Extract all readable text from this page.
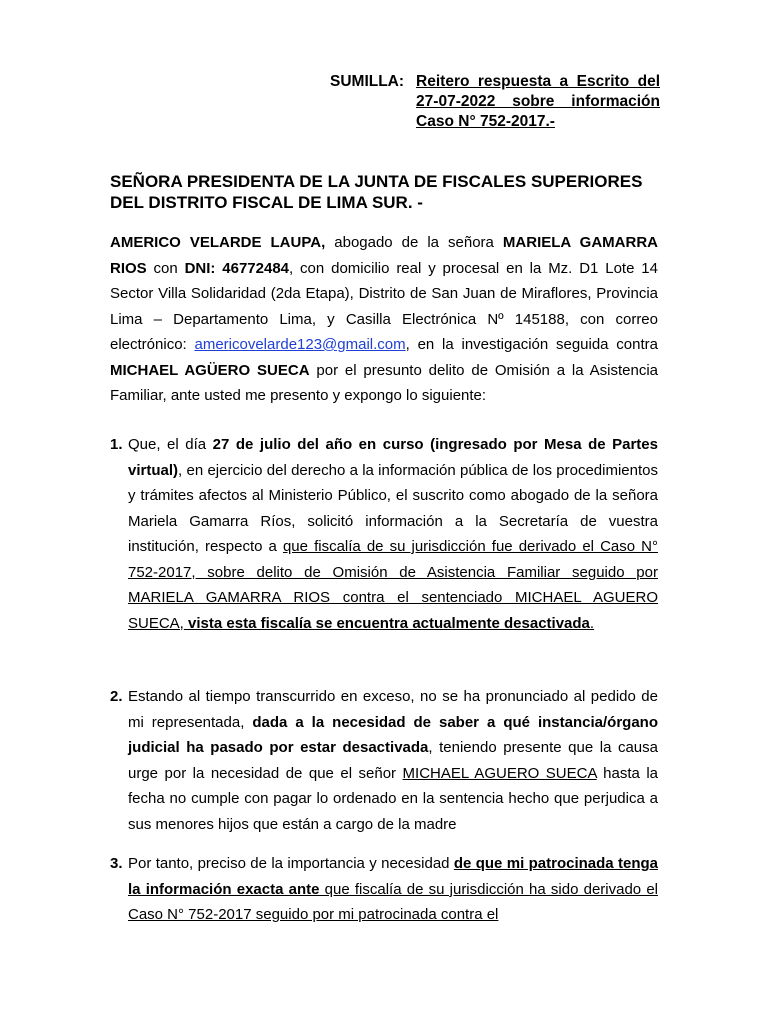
SUMILLA: Reitero respuesta a Escrito del 27-07-2022 sobre información Caso N° 752-2017.-
SEÑORA PRESIDENTA DE LA JUNTA DE FISCALES SUPERIORES DEL DISTRITO FISCAL DE LIMA SUR. -
AMERICO VELARDE LAUPA, abogado de la señora MARIELA GAMARRA RIOS con DNI: 46772484, con domicilio real y procesal en la Mz. D1 Lote 14 Sector Villa Solidaridad (2da Etapa), Distrito de San Juan de Miraflores, Provincia Lima – Departamento Lima, y Casilla Electrónica Nº 145188, con correo electrónico: americovelarde123@gmail.com, en la investigación seguida contra MICHAEL AGÜERO SUECA por el presunto delito de Omisión a la Asistencia Familiar, ante usted me presento y expongo lo siguiente:
1. Que, el día 27 de julio del año en curso (ingresado por Mesa de Partes virtual), en ejercicio del derecho a la información pública de los procedimientos y trámites afectos al Ministerio Público, el suscrito como abogado de la señora Mariela Gamarra Ríos, solicitó información a la Secretaría de vuestra institución, respecto a que fiscalía de su jurisdicción fue derivado el Caso N° 752-2017, sobre delito de Omisión de Asistencia Familiar seguido por MARIELA GAMARRA RIOS contra el sentenciado MICHAEL AGUERO SUECA, vista esta fiscalía se encuentra actualmente desactivada.
2. Estando al tiempo transcurrido en exceso, no se ha pronunciado al pedido de mi representada, dada a la necesidad de saber a qué instancia/órgano judicial ha pasado por estar desactivada, teniendo presente que la causa urge por la necesidad de que el señor MICHAEL AGUERO SUECA hasta la fecha no cumple con pagar lo ordenado en la sentencia hecho que perjudica a sus menores hijos que están a cargo de la madre
3. Por tanto, preciso de la importancia y necesidad de que mi patrocinada tenga la información exacta ante que fiscalía de su jurisdicción ha sido derivado el Caso N° 752-2017 seguido por mi patrocinada contra el
